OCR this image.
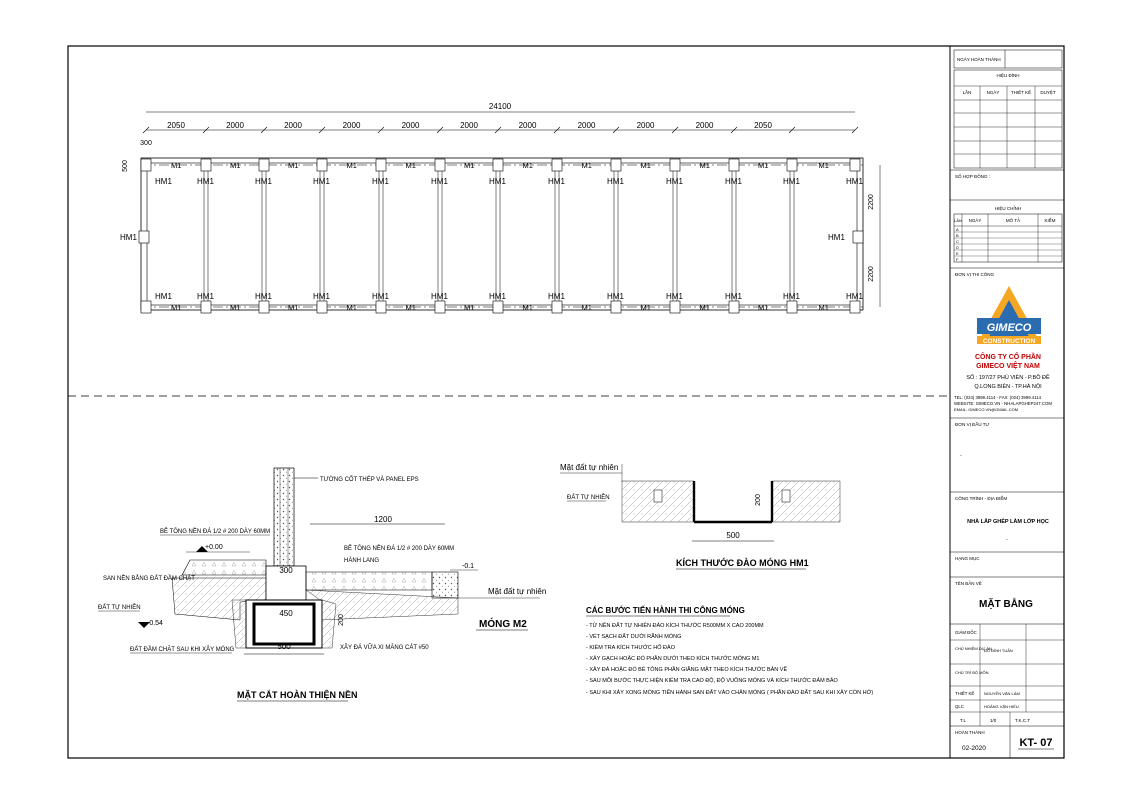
24100
2050	2000	2000	2000	2000	2000	2000	2000	2000	2000	2050
300
500
HM1
HM1
M1
M1
HM1
HM1
M1
M1
HM1
HM1
M1
M1
HM1
HM1
M1
M1
HM1
HM1
M1
M1
HM1
HM1
M1
M1
HM1
HM1
M1
M1
HM1
HM1
M1
M1
HM1
HM1
M1
M1
HM1
HM1
M1
M1
HM1
HM1
M1
M1
HM1
HM1
M1
M1
HM1
HM1
2200
2200
HM1	HM1
TƯỜNG CỐT THÉP VÀ PANEL EPS
BÊ TÔNG NỀN ĐÁ 1/2 # 200 DÀY 60MM
+0.00
SAN NỀN BẰNG ĐẤT ĐẦM CHẶT
ĐẤT TỰ NHIÊN
-0.54
ĐẤT ĐẦM CHẶT SAU KHI XÂY MÓNG
1200
BÊ TÔNG NỀN ĐÁ 1/2 # 200 DÀY 60MM
HÀNH LANG
-0.1
Mặt đất tự nhiên
300
450
200
500	XÂY ĐÁ VỮA XI MĂNG CÁT #50
MÓNG M2
MẶT CẮT HOÀN THIỆN NỀN
Mặt đất tự nhiên
ĐẤT TỰ NHIÊN	200
500
KÍCH THƯỚC ĐÀO MÓNG HM1
CÁC BƯỚC TIẾN HÀNH THI CÔNG MÓNG
- TỪ NỀN ĐẤT TỰ NHIÊN ĐÀO KÍCH THƯỚC R500MM X CAO 200MM
- VÉT SẠCH ĐẤT DƯỚI RÃNH MÓNG
- KIỂM TRA KÍCH THƯỚC HỐ ĐÀO
- XÂY GẠCH HOẶC ĐỔ PHẦN DƯỚI THEO KÍCH THƯỚC MÓNG M1
- XÂY ĐÁ HOẶC ĐỔ BÊ TÔNG PHẦN GIẰNG MẶT THEO KÍCH THƯỚC BẢN VẼ
- SAU MỖI BƯỚC THỰC HIỆN KIỂM TRA CAO ĐỘ, ĐỘ VUÔNG MÓNG VÀ KÍCH THƯỚC ĐẢM BẢO
- SAU KHI XÂY XONG MÓNG TIẾN HÀNH SAN ĐẤT VÀO CHÂN MÓNG ( PHẦN ĐÀO ĐẤT SAU KHI XÂY CÒN HỞ)
NGÀY HOÀN THÀNH
HIỆU ĐÍNH
LẦN	NGÀY	THIẾT KẾ DUYỆT
SỐ HỢP ĐỒNG :
HIỆU CHỈNH
LẦN NGÀY	MÔ TẢ	KIỂM
A
B
C
D
E
F
ĐƠN VỊ THI CÔNG
GIMECO
CONSTRUCTION
CÔNG TY CỔ PHẦN
GIMECO VIỆT NAM
SỐ : 197/27 PHÚ VIÊN - P.BỒ ĐỀ
Q.LONG BIÊN - TP.HÀ NỘI
TEL: (024) 3999.4114 - FAX: (024) 3999.4114
WEBSITE: GIMECO.VN - NHALAPGHEP247.COM
EMAIL: GIMECO.VN@GMAIL.COM
ĐƠN VỊ ĐẦU TƯ
.
CÔNG TRÌNH - ĐỊA ĐIỂM
NHÀ LẮP GHÉP LÀM LỚP HỌC
.
HẠNG MỤC
TÊN BẢN VẼ
MẶT BẰNG
GIÁM ĐỐC
CHỦ NHIỆM DỰ ÁN
ĐỖ ĐÌNH TUẤN
CHỦ TRÌ BỘ MÔN
THIẾT KẾ NGUYỄN VĂN LÂM
QLC	HOÀNG VĂN HIẾU
T.L	1/0	T.K.C.T
HOÀN THÀNH
02-2020	KT- 07
